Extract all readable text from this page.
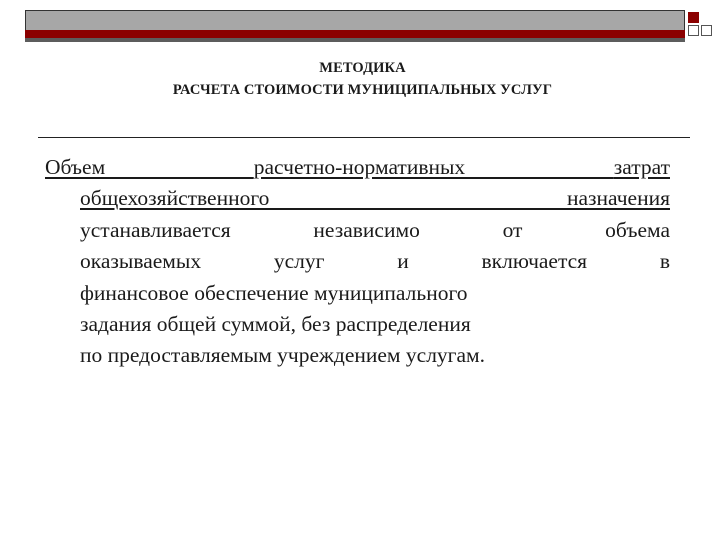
МЕТОДИКА
РАСЧЕТА СТОИМОСТИ МУНИЦИПАЛЬНЫХ УСЛУГ
Объем расчетно-нормативных затрат
общехозяйственного назначения
устанавливается независимо от объема
оказываемых услуг и включается в
финансовое обеспечение муниципального
задания общей суммой, без распределения
по предоставляемым учреждением услугам.
